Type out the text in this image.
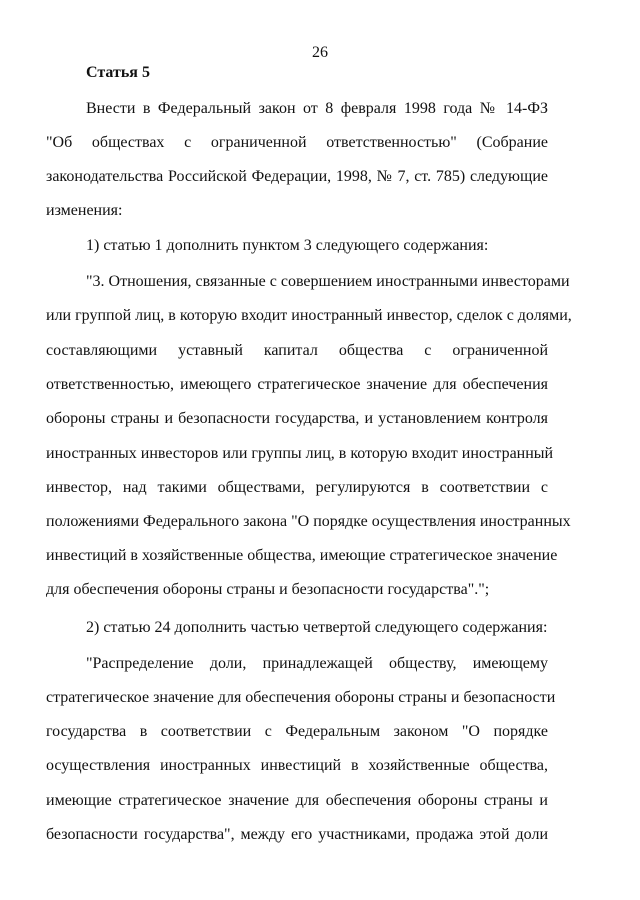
26
Статья 5
Внести в Федеральный закон от 8 февраля 1998 года № 14-ФЗ
"Об обществах с ограниченной ответственностью" (Собрание
законодательства Российской Федерации, 1998, № 7, ст. 785) следующие
изменения:
1) статью 1 дополнить пунктом 3 следующего содержания:
"3. Отношения, связанные с совершением иностранными инвесторами
или группой лиц, в которую входит иностранный инвестор, сделок с долями,
составляющими уставный капитал общества с ограниченной
ответственностью, имеющего стратегическое значение для обеспечения
обороны страны и безопасности государства, и установлением контроля
иностранных инвесторов или группы лиц, в которую входит иностранный
инвестор, над такими обществами, регулируются в соответствии с
положениями Федерального закона "О порядке осуществления иностранных
инвестиций в хозяйственные общества, имеющие стратегическое значение
для обеспечения обороны страны и безопасности государства".";
2) статью 24 дополнить частью четвертой следующего содержания:
"Распределение доли, принадлежащей обществу, имеющему
стратегическое значение для обеспечения обороны страны и безопасности
государства в соответствии с Федеральным законом "О порядке
осуществления иностранных инвестиций в хозяйственные общества,
имеющие стратегическое значение для обеспечения обороны страны и
безопасности государства", между его участниками, продажа этой доли
